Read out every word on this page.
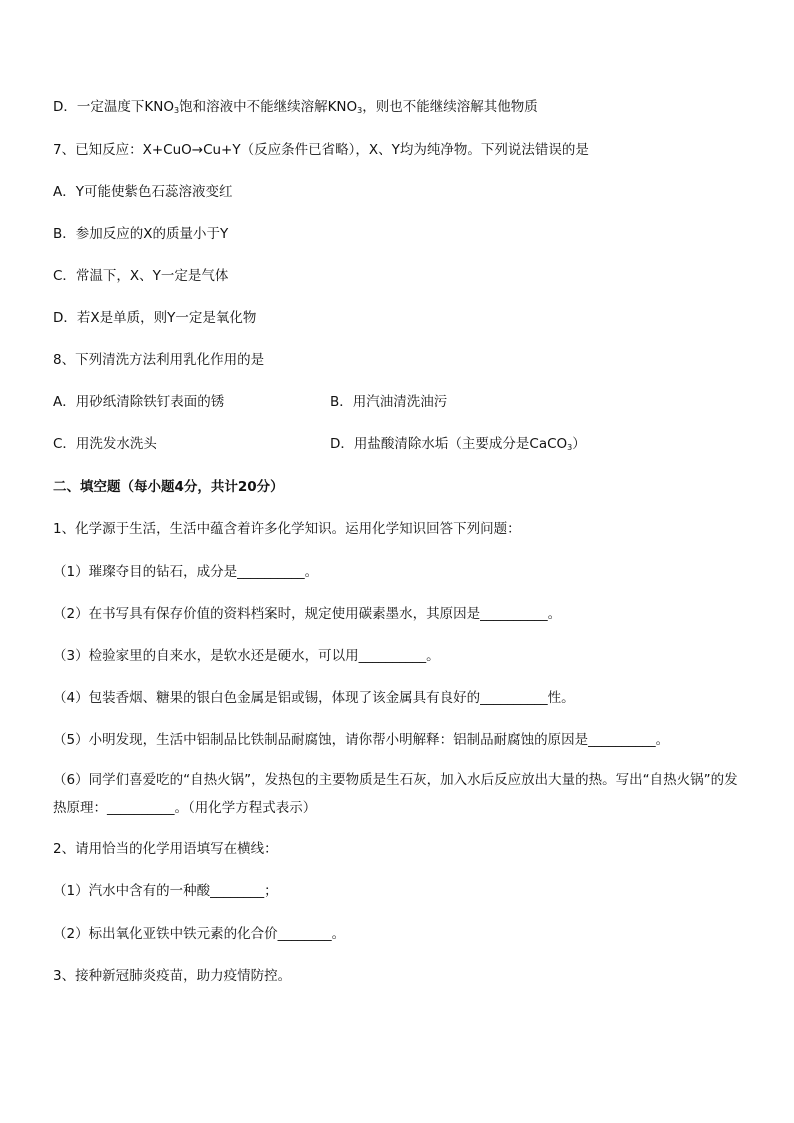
D．一定温度下$KNO_3$饱和溶液中不能继续溶解$KNO_3$，则也不能继续溶解其他物质
7、已知反应：X+CuO→Cu+Y（反应条件已省略），X、Y均为纯净物。下列说法错误的是
A．Y可能使紫色石蕊溶液变红
B．参加反应的X的质量小于Y
C．常温下，X、Y一定是气体
D．若X是单质，则Y一定是氧化物
8、下列清洗方法利用乳化作用的是
A．用砂纸清除铁钉表面的锈	B．用汽油清洗油污
C．用洗发水洗头	D．用盐酸清除水垢（主要成分是CaCO$_3$）
二、填空题（每小题4分，共计20分）
1、化学源于生活，生活中蕴含着许多化学知识。运用化学知识回答下列问题：
（1）璀璨夺目的钻石，成分是__________。
（2）在书写具有保存价值的资料档案时，规定使用碳素墨水，其原因是__________。
（3）检验家里的自来水，是软水还是硬水，可以用__________。
（4）包装香烟、糖果的银白色金属是铝或锡，体现了该金属具有良好的__________性。
（5）小明发现，生活中铝制品比铁制品耐腐蚀，请你帮小明解释：铝制品耐腐蚀的原因是__________。
（6）同学们喜爱吃的“自热火锅”，发热包的主要物质是生石灰，加入水后反应放出大量的热。写出“自热火锅”的发热原理：__________。（用化学方程式表示）
2、请用恰当的化学用语填写在横线：
（1）汽水中含有的一种酸________；
（2）标出氧化亚铁中铁元素的化合价________。
3、接种新冠肺炎疫苗，助力疫情防控。
